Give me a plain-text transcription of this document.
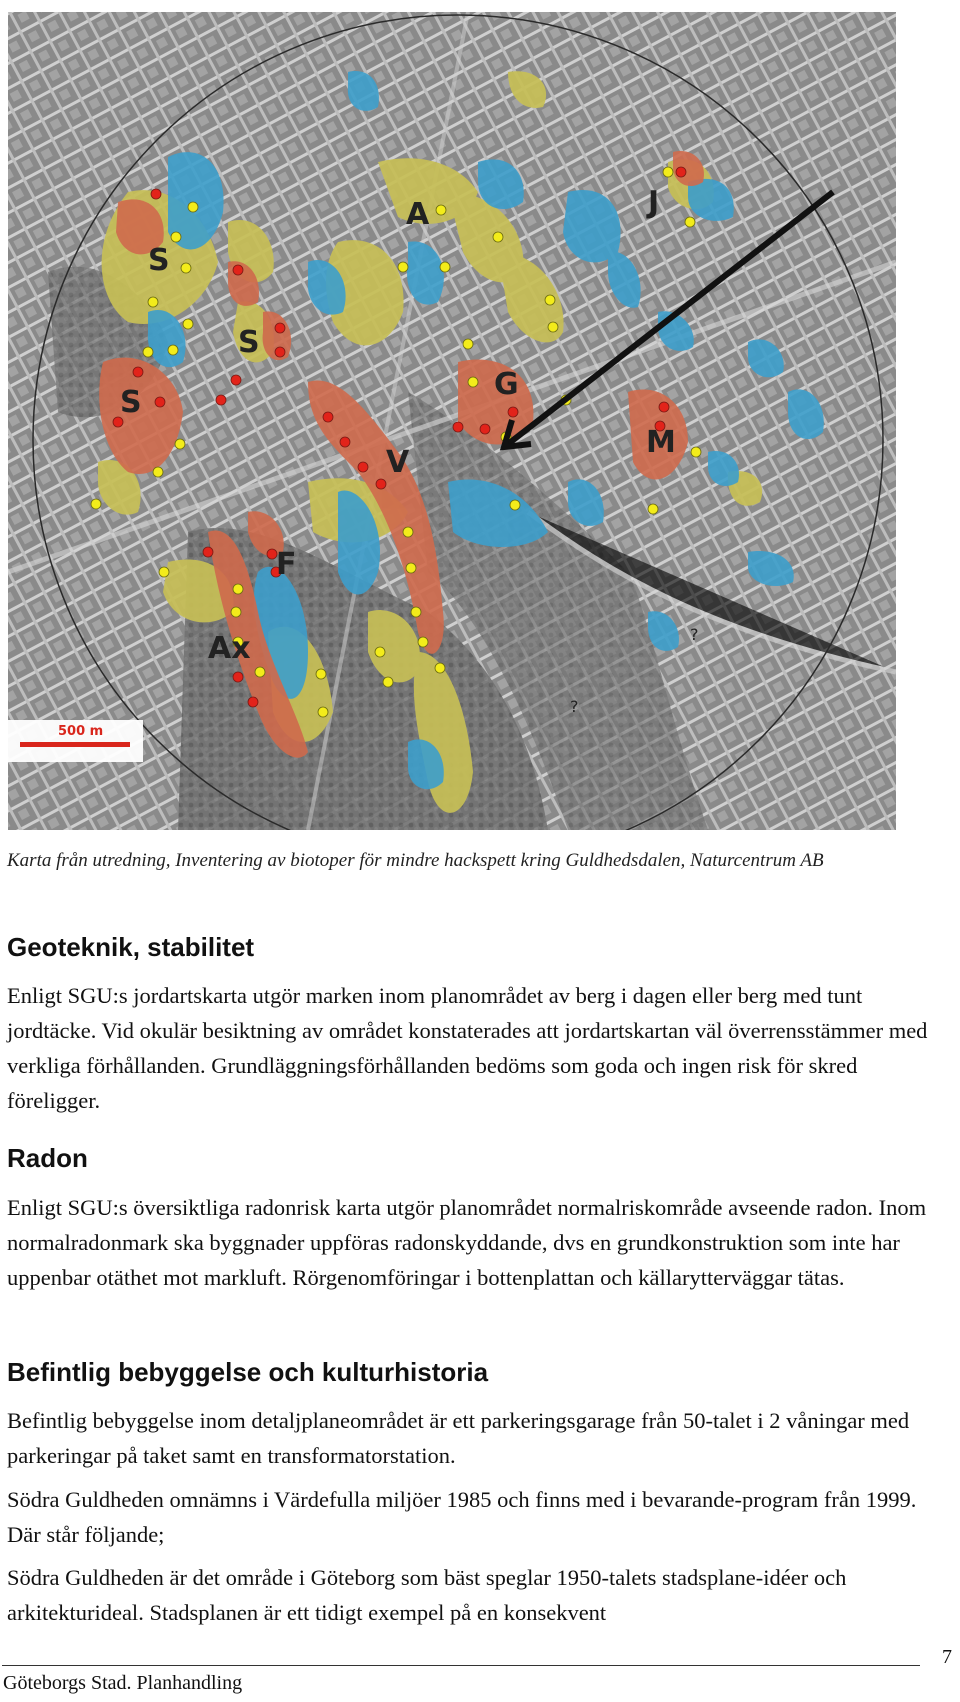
S
S
S
A	J
G
V
M
F
Ax	?
?
500 m
Karta från utredning, Inventering av biotoper för mindre hackspett kring Guldhedsdalen, Naturcentrum AB
Geoteknik, stabilitet

Enligt SGU:s jordartskarta utgör marken inom planområdet av berg i dagen eller berg med tunt jordtäcke. Vid okulär besiktning av området konstaterades att jordartskartan väl överrensstämmer med verkliga förhållanden. Grundläggningsförhållanden bedöms som goda och ingen risk för skred föreligger.

Radon

Enligt SGU:s översiktliga radonrisk karta utgör planområdet normalriskområde avseende radon. Inom normalradonmark ska byggnader uppföras radonskyddande, dvs en grundkonstruktion som inte har uppenbar otäthet mot markluft. Rörgenomföringar i bottenplattan och källarytterväggar tätas.

Befintlig bebyggelse och kulturhistoria

Befintlig bebyggelse inom detaljplaneområdet är ett parkeringsgarage från 50-talet i 2 våningar med parkeringar på taket samt en transformatorstation.

Södra Guldheden omnämns i Värdefulla miljöer 1985 och finns med i bevarande-program från 1999. Där står följande;

Södra Guldheden är det område i Göteborg som bäst speglar 1950-talets stadsplane-idéer och arkitekturideal. Stadsplanen är ett tidigt exempel på en konsekvent

Göteborgs Stad. Planhandling
7
